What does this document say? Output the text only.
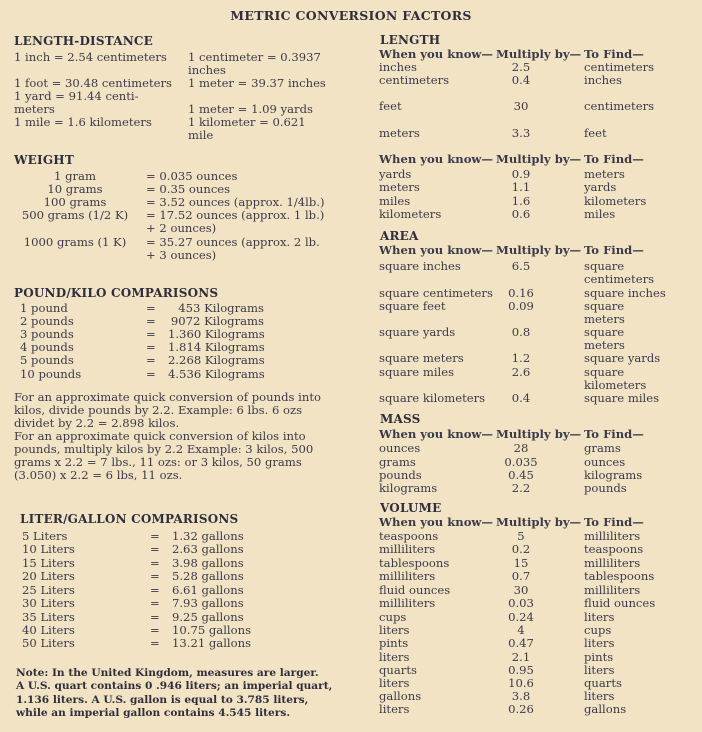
METRIC CONVERSION FACTORS
LENGTH-DISTANCE
1 inch = 2.54 centimeters
1 foot = 30.48 centimeters
1 yard = 91.44 centi-
meters
1 mile = 1.6 kilometers
1 centimeter = 0.3937
inches
1 meter = 39.37 inches
1 meter = 1.09 yards
1 kilometer = 0.621
mile
WEIGHT
1 gram	= 0.035 ounces
10 grams	= 0.35 ounces
100 grams	= 3.52 ounces (approx. 1/4lb.)
500 grams (1/2 K)	= 17.52 ounces (approx. 1 lb.)
+ 2 ounces)
1000 grams (1 K)	= 35.27 ounces (approx. 2 lb.
+ 3 ounces)
POUND/KILO COMPARISONS
1 pound	=	453 Kilograms
2 pounds	= 9072 Kilograms
3 pounds	= 1.360 Kilograms
4 pounds	= 1.814 Kilograms
5 pounds	= 2.268 Kilograms
10 pounds	= 4.536 Kilograms
For an approximate quick conversion of pounds into
kilos, divide pounds by 2.2. Example: 6 lbs. 6 ozs
dividet by 2.2 = 2.898 kilos.
For an approximate quick conversion of kilos into
pounds, multiply kilos by 2.2 Example: 3 kilos, 500
grams x 2.2 = 7 lbs., 11 ozs: or 3 kilos, 50 grams
(3.050) x 2.2 = 6 lbs, 11 ozs.
LITER/GALLON COMPARISONS
5 Liters	= 1.32 gallons
10 Liters	= 2.63 gallons
15 Liters	= 3.98 gallons
20 Liters	= 5.28 gallons
25 Liters	= 6.61 gallons
30 Liters	= 7.93 gallons
35 Liters	= 9.25 gallons
40 Liters	= 10.75 gallons
50 Liters	= 13.21 gallons
Note: In the United Kingdom, measures are larger.
A U.S. quart contains 0 .946 liters; an imperial quart,
1.136 liters. A U.S. gallon is equal to 3.785 liters,
while an imperial gallon contains 4.545 liters.
LENGTH
When you know— Multiply by— To Find—
inches	2.5	centimeters
centimeters	0.4	inches
feet	30	centimeters
meters	3.3	feet
When you know— Multiply by— To Find—
yards	0.9	meters
meters	1.1	yards
miles	1.6	kilometers
kilometers	0.6	miles
AREA
When you know— Multiply by— To Find—
square inches	6.5	square
centimeters
square centimeters	0.16	square inches
square feet	0.09	square
meters
square yards	0.8	square
meters
square meters	1.2	square yards
square miles	2.6	square
kilometers
square kilometers	0.4	square miles
MASS
When you know— Multiply by— To Find—
ounces	28	grams
grams	0.035	ounces
pounds	0.45	kilograms
kilograms	2.2	pounds
VOLUME
When you know— Multiply by— To Find—
teaspoons	5	milliliters
milliliters	0.2	teaspoons
tablespoons	15	milliliters
milliliters	0.7	tablespoons
fluid ounces	30	milliliters
milliliters	0.03	fluid ounces
cups	0.24	liters
liters	4	cups
pints	0.47	liters
liters	2.1	pints
quarts	0.95	liters
liters	10.6	quarts
gallons	3.8	liters
liters	0.26	gallons
